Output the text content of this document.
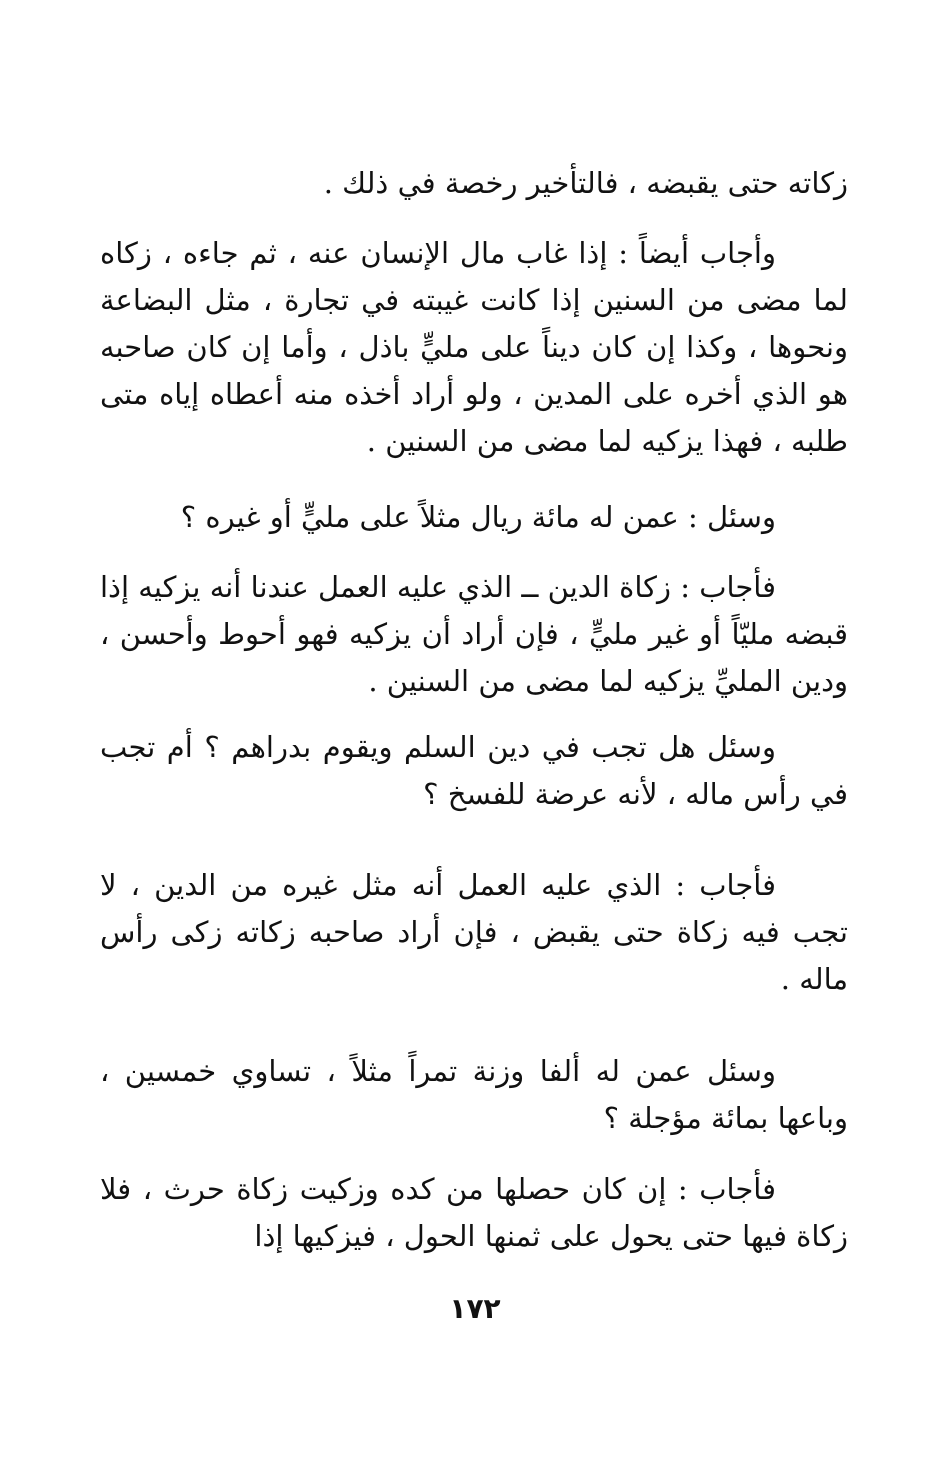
زكاته حتى يقبضه ، فالتأخير رخصة في ذلك .

وأجاب أيضاً : إذا غاب مال الإنسان عنه ، ثم جاءه ، زكاه لما مضى من السنين إذا كانت غيبته في تجارة ، مثل البضاعة ونحوها ، وكذا إن كان ديناً على مليٍّ باذل ، وأما إن كان صاحبه هو الذي أخره على المدين ، ولو أراد أخذه منه أعطاه إياه متى طلبه ، فهذا يزكيه لما مضى من السنين .

وسئل : عمن له مائة ريال مثلاً على مليٍّ أو غيره ؟

فأجاب : زكاة الدين ــ الذي عليه العمل عندنا أنه يزكيه إذا قبضه مليّاً أو غير مليٍّ ، فإن أراد أن يزكيه فهو أحوط وأحسن ، ودين المليِّ يزكيه لما مضى من السنين .

وسئل هل تجب في دين السلم ويقوم بدراهم ؟ أم تجب في رأس ماله ، لأنه عرضة للفسخ ؟

فأجاب : الذي عليه العمل أنه مثل غيره من الدين ، لا تجب فيه زكاة حتى يقبض ، فإن أراد صاحبه زكاته زكى رأس ماله .

وسئل عمن له ألفا وزنة تمراً مثلاً ، تساوي خمسين ، وباعها بمائة مؤجلة ؟

فأجاب : إن كان حصلها من كده وزكيت زكاة حرث ، فلا زكاة فيها حتى يحول على ثمنها الحول ، فيزكيها إذا

١٧٢
